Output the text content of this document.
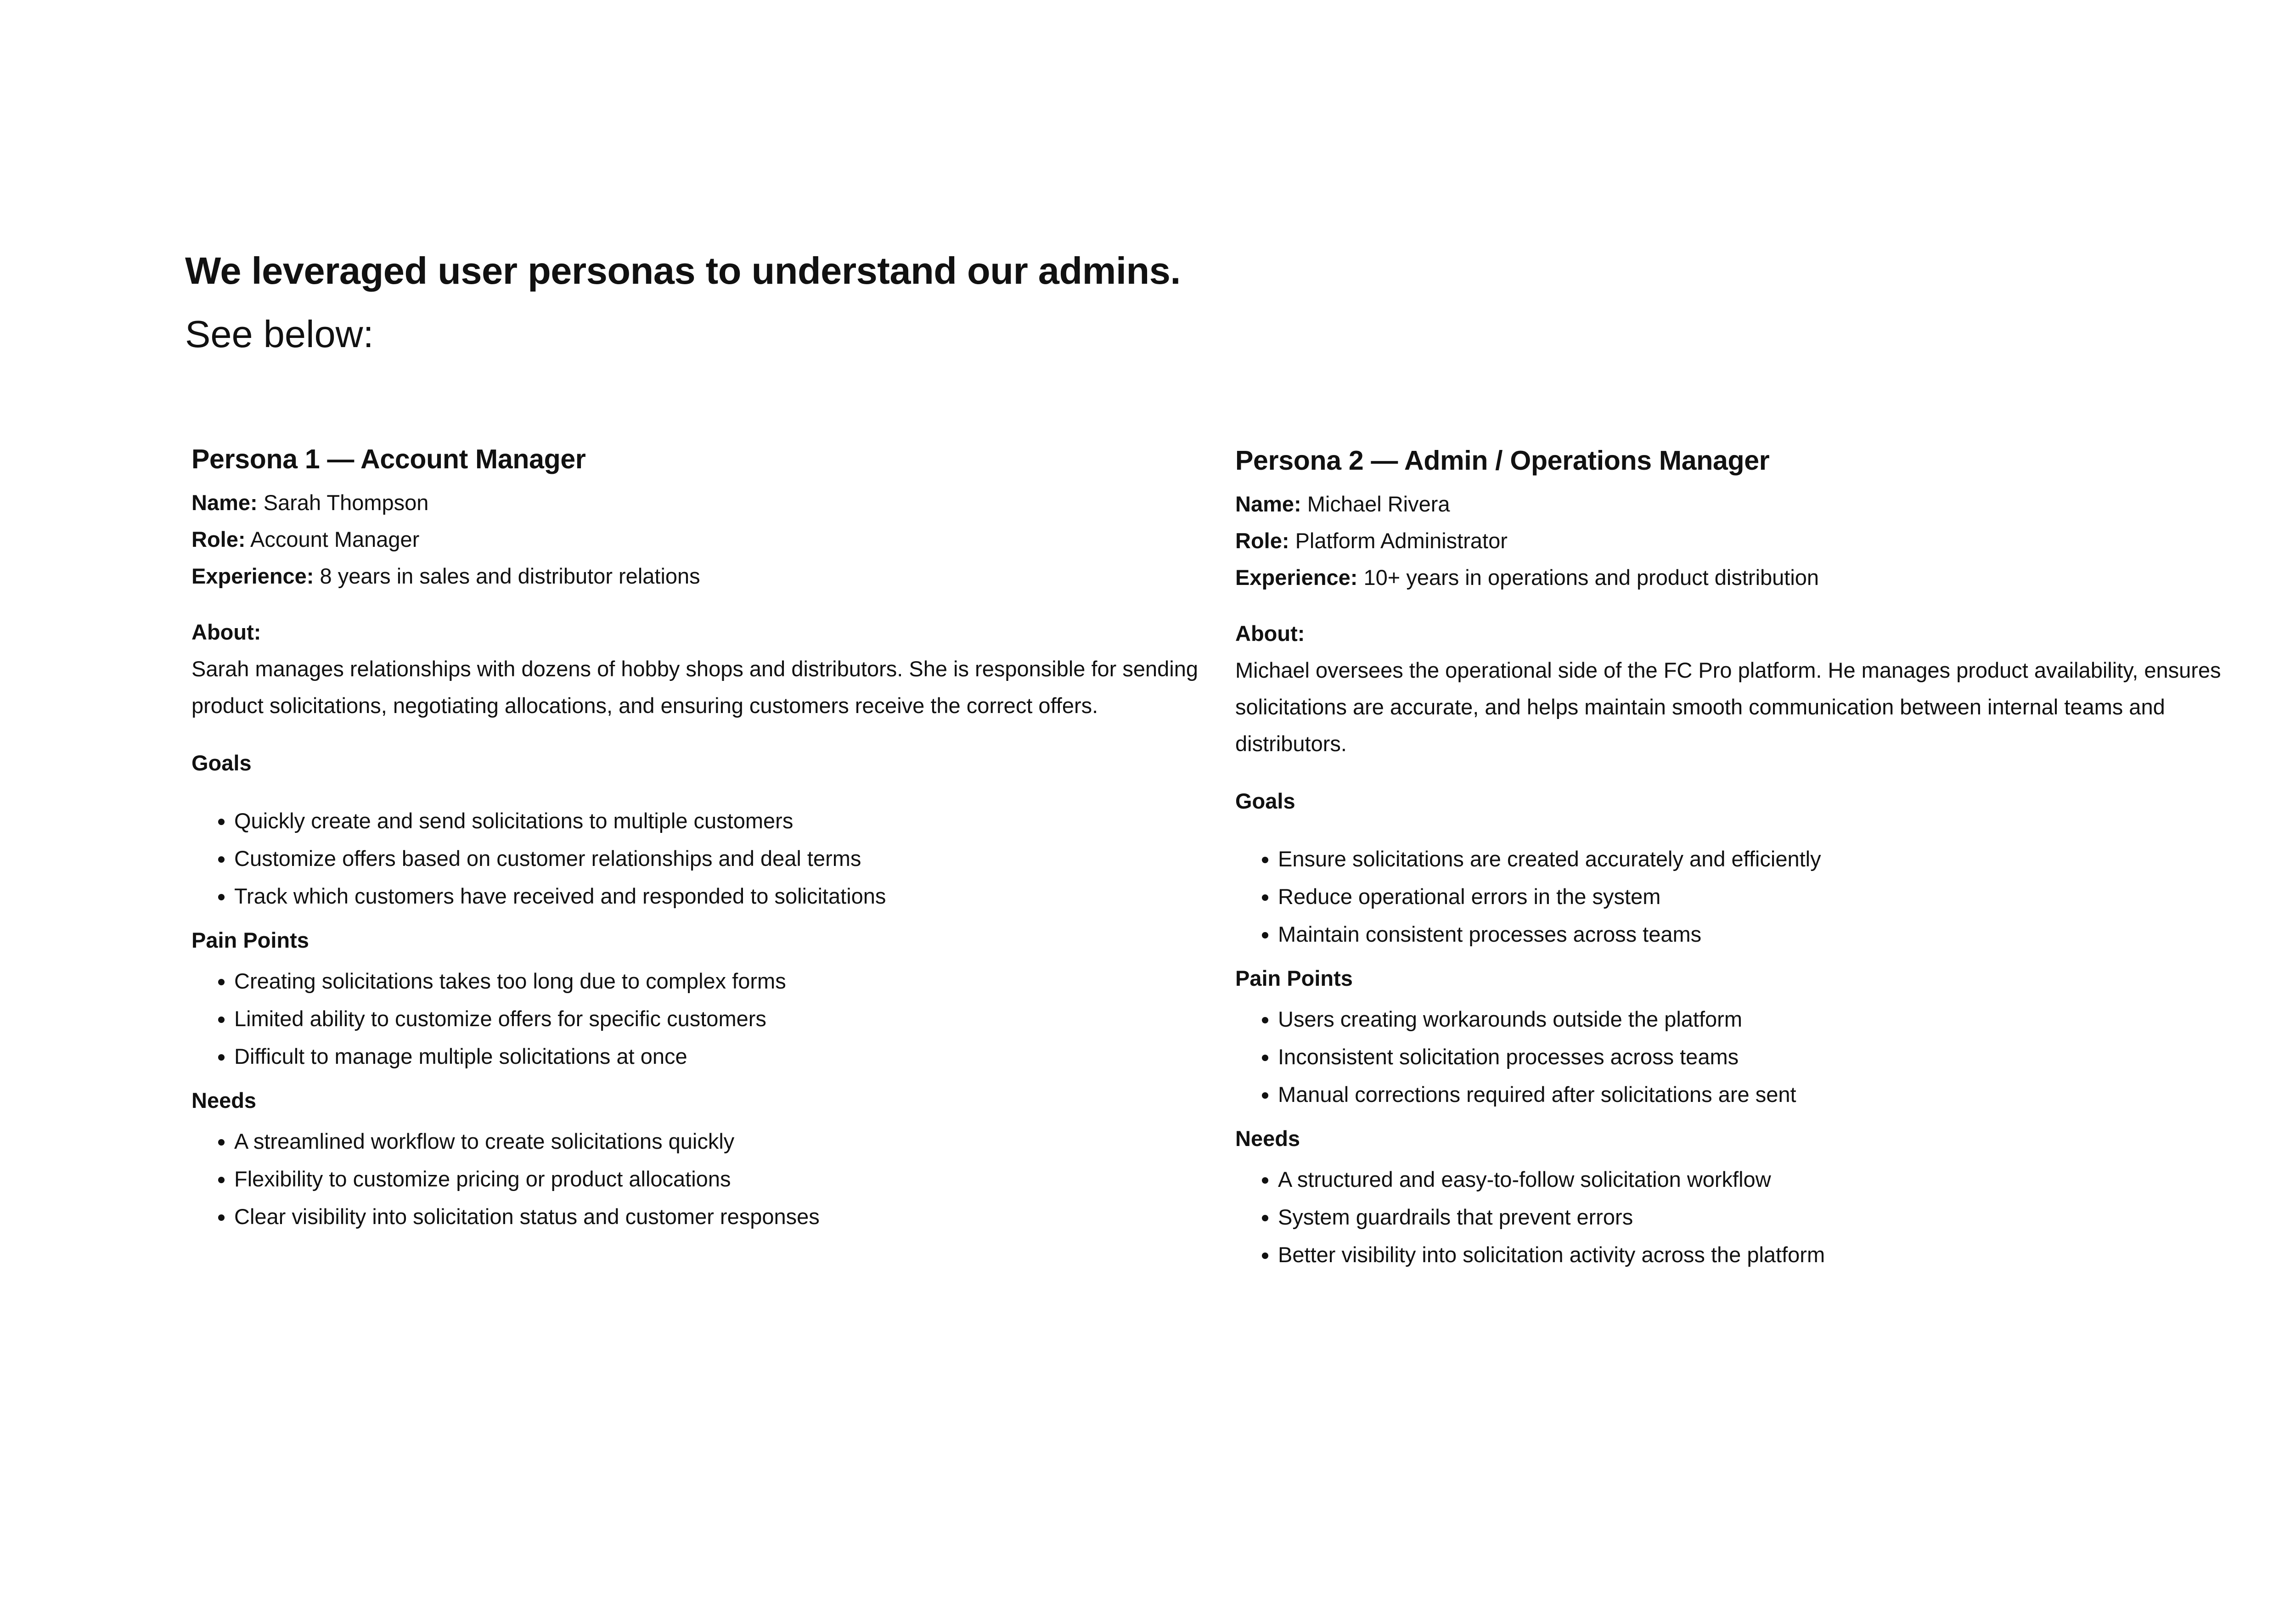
We leveraged user personas to understand our admins.
See below:
Persona 1 — Account Manager
Name: Sarah Thompson
Role: Account Manager
Experience: 8 years in sales and distributor relations
About:

Sarah manages relationships with dozens of hobby shops and distributors. She is responsible for sending product solicitations, negotiating allocations, and ensuring customers receive the correct offers.

Goals
• Quickly create and send solicitations to multiple customers
• Customize offers based on customer relationships and deal terms
• Track which customers have received and responded to solicitations
Pain Points
• Creating solicitations takes too long due to complex forms
• Limited ability to customize offers for specific customers
• Difficult to manage multiple solicitations at once
Needs
• A streamlined workflow to create solicitations quickly
• Flexibility to customize pricing or product allocations
• Clear visibility into solicitation status and customer responses
Persona 2 — Admin / Operations Manager
Name: Michael Rivera
Role: Platform Administrator
Experience: 10+ years in operations and product distribution
About:

Michael oversees the operational side of the FC Pro platform. He manages product availability, ensures solicitations are accurate, and helps maintain smooth communication between internal teams and distributors.

Goals
• Ensure solicitations are created accurately and efficiently
• Reduce operational errors in the system
• Maintain consistent processes across teams
Pain Points
• Users creating workarounds outside the platform
• Inconsistent solicitation processes across teams
• Manual corrections required after solicitations are sent
Needs
• A structured and easy-to-follow solicitation workflow
• System guardrails that prevent errors
• Better visibility into solicitation activity across the platform
